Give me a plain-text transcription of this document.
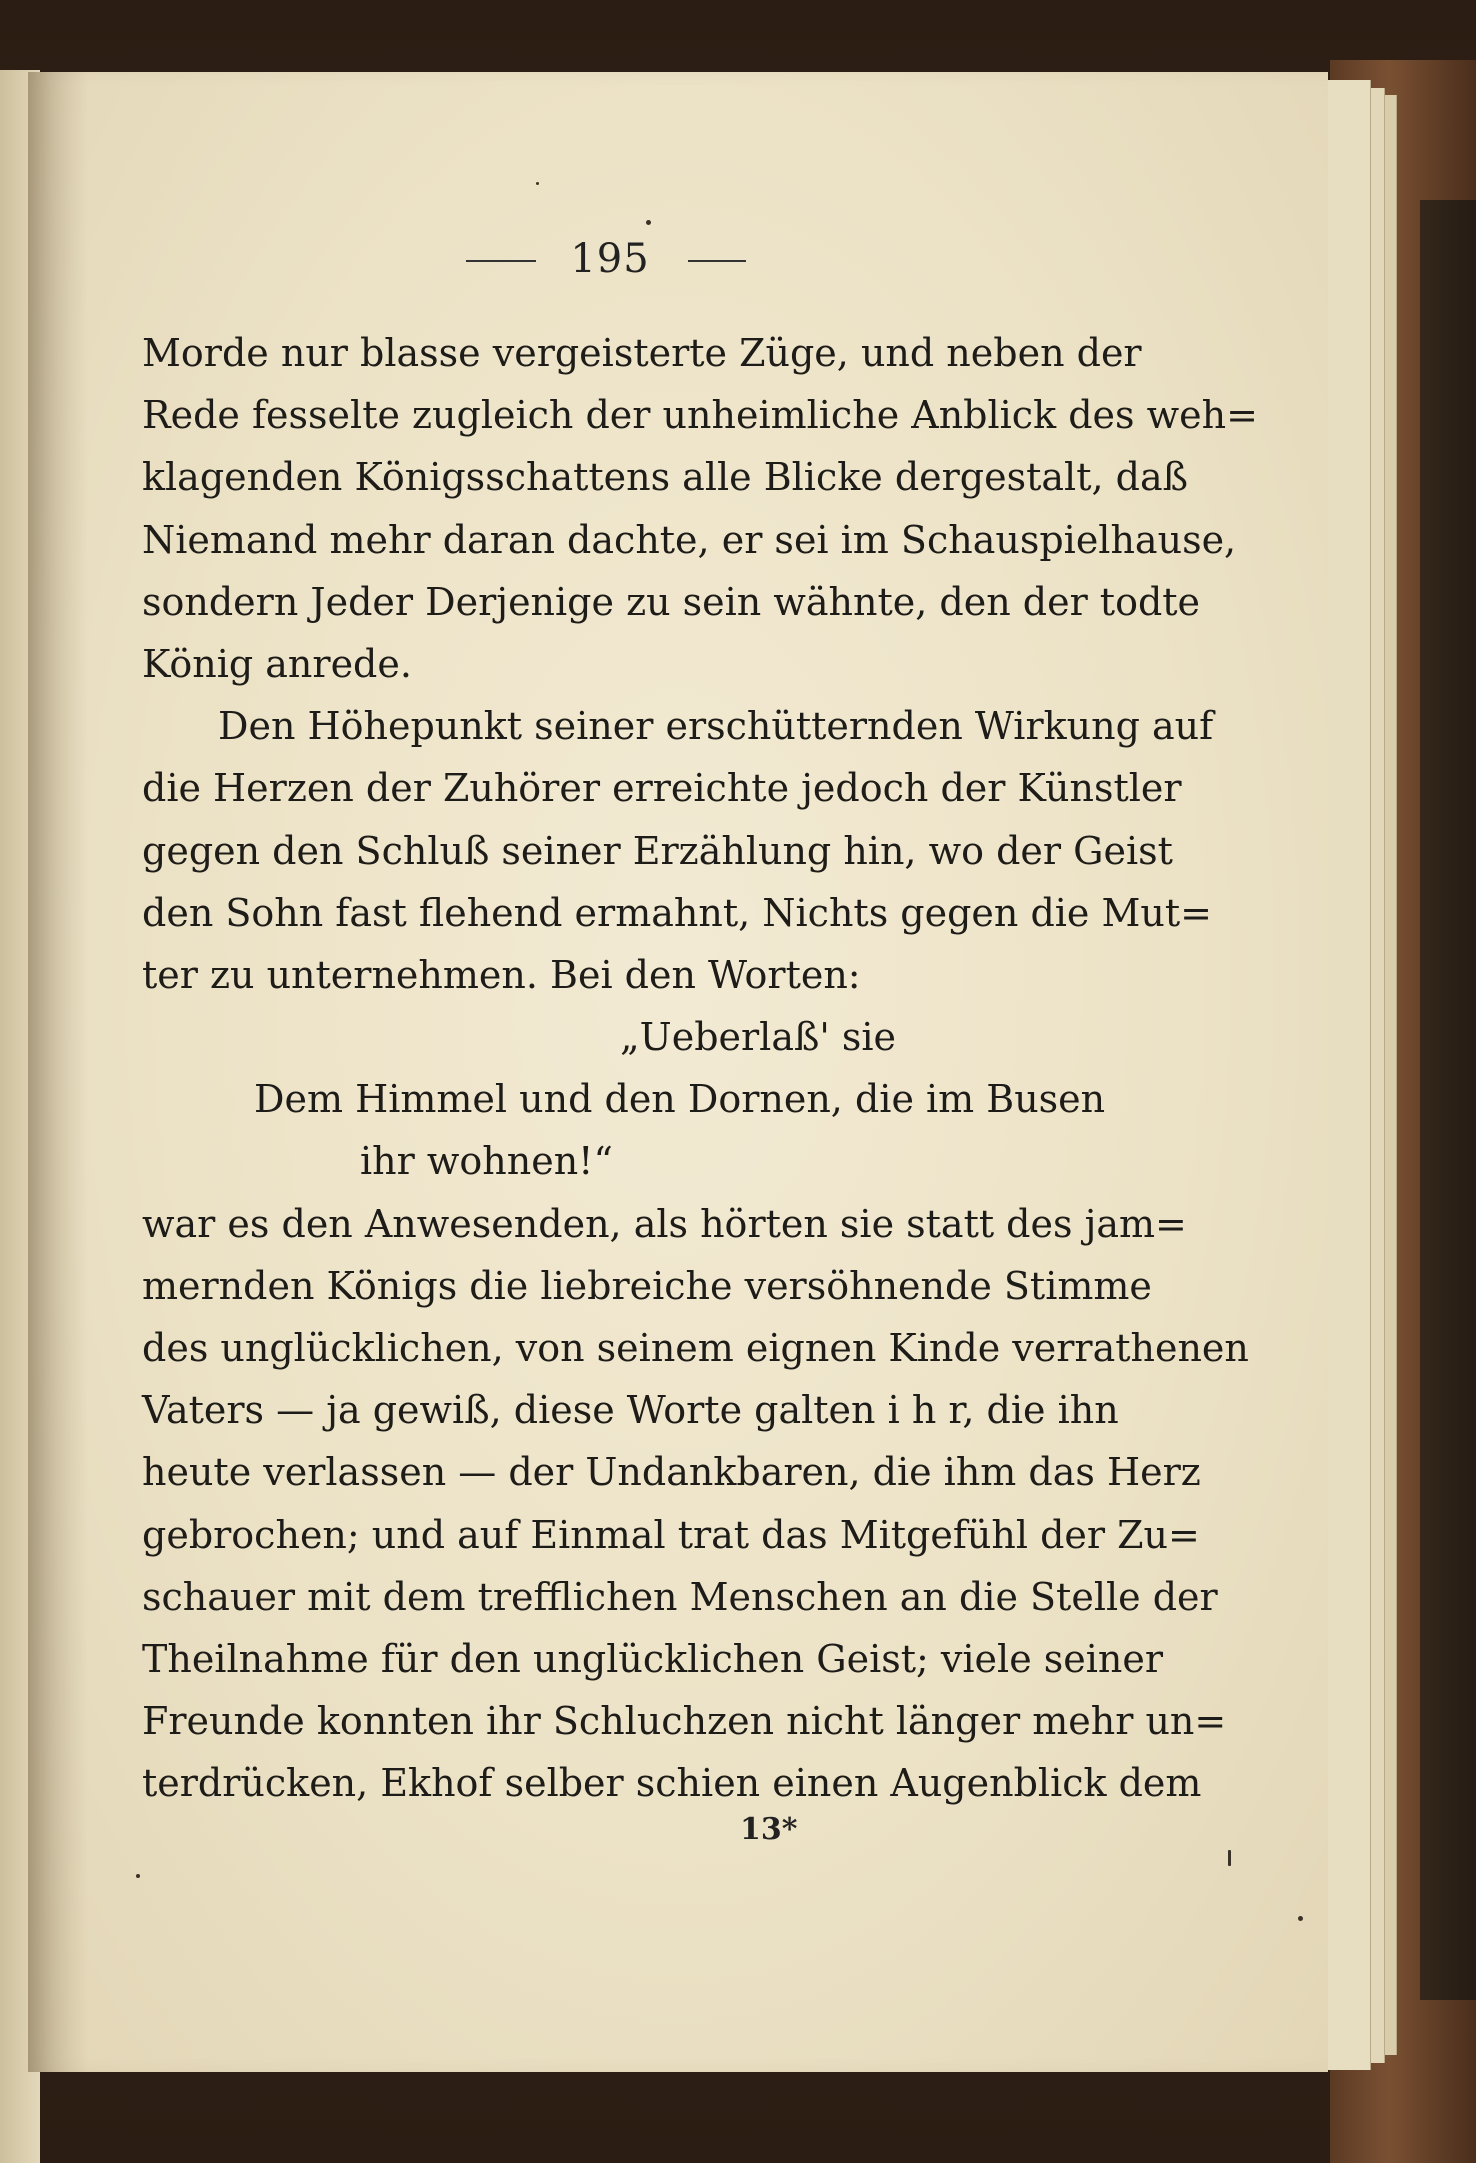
195
Morde nur blasse vergeisterte Züge, und neben der
Rede fesselte zugleich der unheimliche Anblick des weh=
klagenden Königsschattens alle Blicke dergestalt, daß
Niemand mehr daran dachte, er sei im Schauspielhause,
sondern Jeder Derjenige zu sein wähnte, den der todte
König anrede.
Den Höhepunkt seiner erschütternden Wirkung auf
die Herzen der Zuhörer erreichte jedoch der Künstler
gegen den Schluß seiner Erzählung hin, wo der Geist
den Sohn fast flehend ermahnt, Nichts gegen die Mut=
ter zu unternehmen. Bei den Worten:
„Ueberlaß' sie
Dem Himmel und den Dornen, die im Busen
ihr wohnen!“
war es den Anwesenden, als hörten sie statt des jam=
mernden Königs die liebreiche versöhnende Stimme
des unglücklichen, von seinem eignen Kinde verrathenen
Vaters — ja gewiß, diese Worte galten i h r, die ihn
heute verlassen — der Undankbaren, die ihm das Herz
gebrochen; und auf Einmal trat das Mitgefühl der Zu=
schauer mit dem trefflichen Menschen an die Stelle der
Theilnahme für den unglücklichen Geist; viele seiner
Freunde konnten ihr Schluchzen nicht länger mehr un=
terdrücken, Ekhof selber schien einen Augenblick dem
13*
